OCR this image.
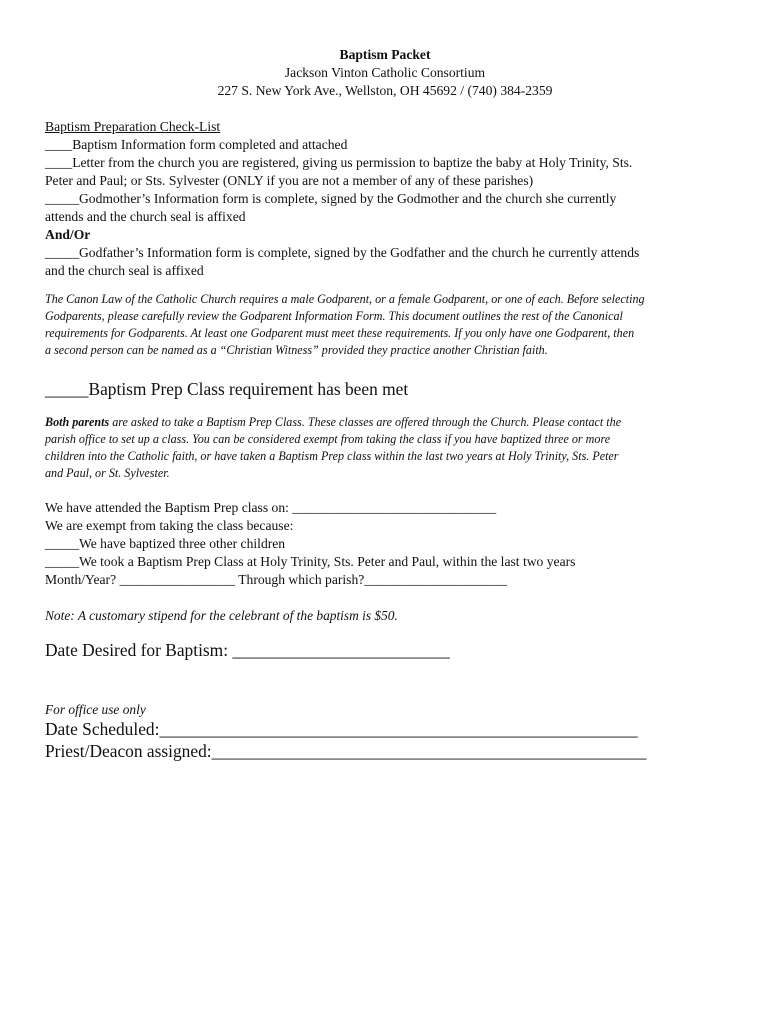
Baptism Packet
Jackson Vinton Catholic Consortium
227 S. New York Ave., Wellston, OH 45692 / (740) 384-2359
Baptism Preparation Check-List
____Baptism Information form completed and attached
____Letter from the church you are registered, giving us permission to baptize the baby at Holy Trinity, Sts.
Peter and Paul; or Sts. Sylvester (ONLY if you are not a member of any of these parishes)
_____Godmother’s Information form is complete, signed by the Godmother and the church she currently
attends and the church seal is affixed
And/Or
_____Godfather’s Information form is complete, signed by the Godfather and the church he currently attends
and the church seal is affixed
The Canon Law of the Catholic Church requires a male Godparent, or a female Godparent, or one of each. Before selecting
Godparents, please carefully review the Godparent Information Form. This document outlines the rest of the Canonical
requirements for Godparents. At least one Godparent must meet these requirements. If you only have one Godparent, then
a second person can be named as a “Christian Witness” provided they practice another Christian faith.
_____Baptism Prep Class requirement has been met
Both parents are asked to take a Baptism Prep Class. These classes are offered through the Church. Please contact the
parish office to set up a class. You can be considered exempt from taking the class if you have baptized three or more
children into the Catholic faith, or have taken a Baptism Prep class within the last two years at Holy Trinity, Sts. Peter
and Paul, or St. Sylvester.
We have attended the Baptism Prep class on: ______________________________
We are exempt from taking the class because:
_____We have baptized three other children
_____We took a Baptism Prep Class at Holy Trinity, Sts. Peter and Paul, within the last two years
Month/Year? _________________ Through which parish?_____________________
Note: A customary stipend for the celebrant of the baptism is $50.
Date Desired for Baptism: _________________________
For office use only
Date Scheduled:_______________________________________________________
Priest/Deacon assigned:__________________________________________________
